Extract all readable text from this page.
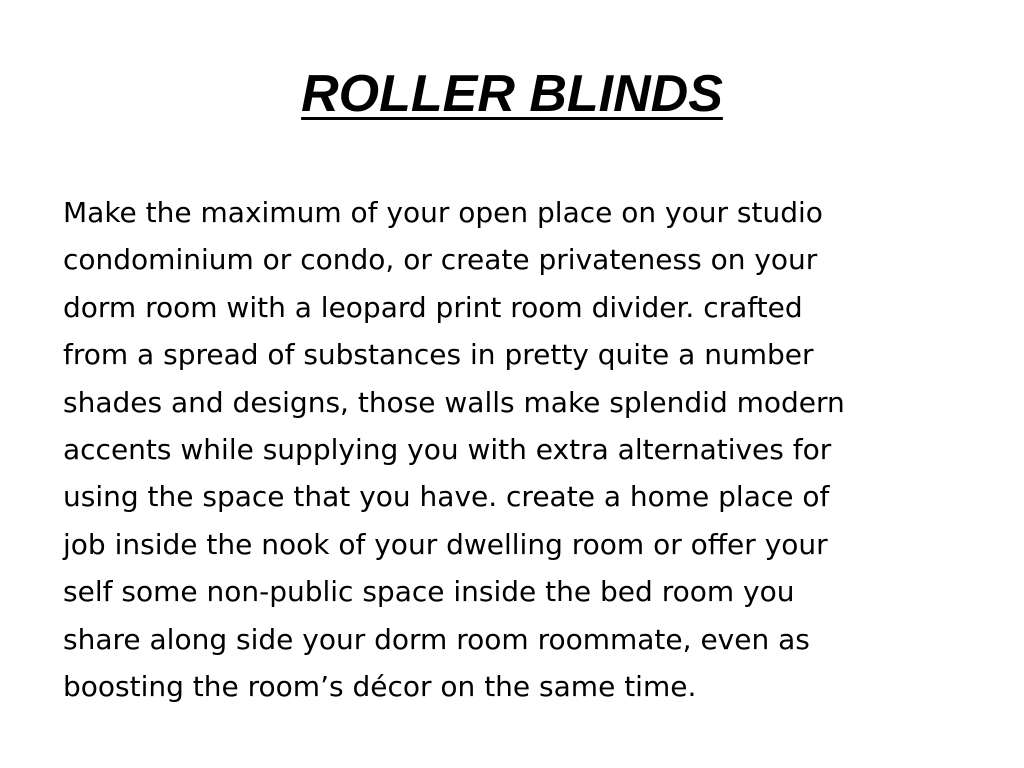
ROLLER BLINDS
Make the maximum of your open place on your studio
condominium or condo, or create privateness on your
dorm room with a leopard print room divider. crafted
from a spread of substances in pretty quite a number
shades and designs, those walls make splendid modern
accents while supplying you with extra alternatives for
using the space that you have. create a home place of
job inside the nook of your dwelling room or offer your
self some non-public space inside the bed room you
share along side your dorm room roommate, even as
boosting the room’s décor on the same time.
